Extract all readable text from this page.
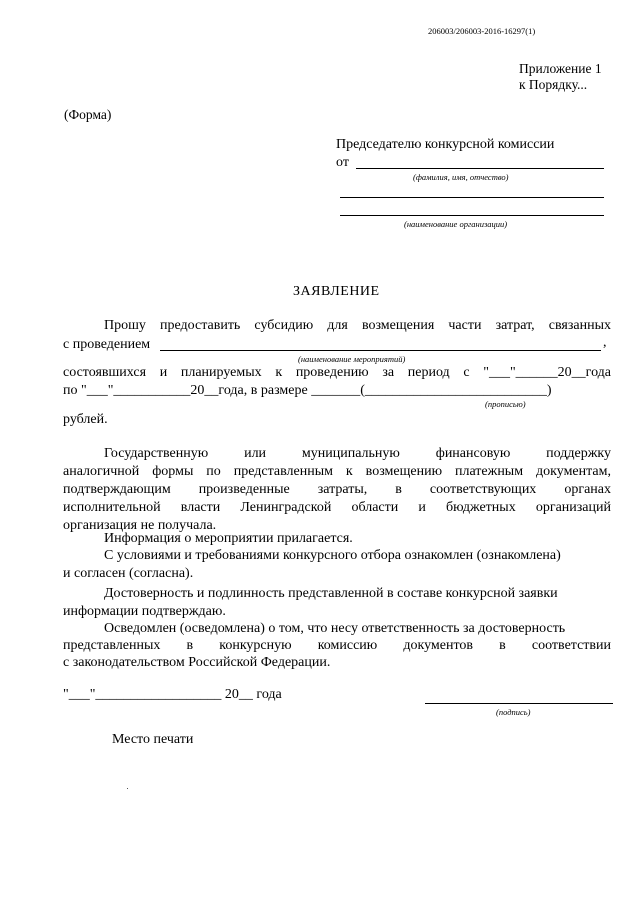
206003/206003-2016-16297(1)
Приложение 1
к Порядку...
(Форма)
Председателю конкурсной комиссии
от
(фамилия, имя, отчество)
(наименование организации)
ЗАЯВЛЕНИЕ
Прошу предоставить субсидию для возмещения части затрат, связанных
с проведением	,
(наименование мероприятий)
состоявшихся и планируемых к проведению за период с "___"______20__года
по "___"___________20__года, в размере _______(__________________________)
(прописью)
рублей.
Государственную или муниципальную финансовую поддержку
аналогичной формы по представленным к возмещению платежным документам,
подтверждающим произведенные затраты, в соответствующих органах
исполнительной власти Ленинградской области и бюджетных организаций
организация не получала.
Информация о мероприятии прилагается.
С условиями и требованиями конкурсного отбора ознакомлен (ознакомлена)
и согласен (согласна).
Достоверность и подлинность представленной в составе конкурсной заявки
информации подтверждаю.
Осведомлен (осведомлена) о том, что несу ответственность за достоверность
представленных в конкурсную комиссию документов в соответствии
с законодательством Российской Федерации.
"___"__________________ 20__ года
(подпись)
Место печати
